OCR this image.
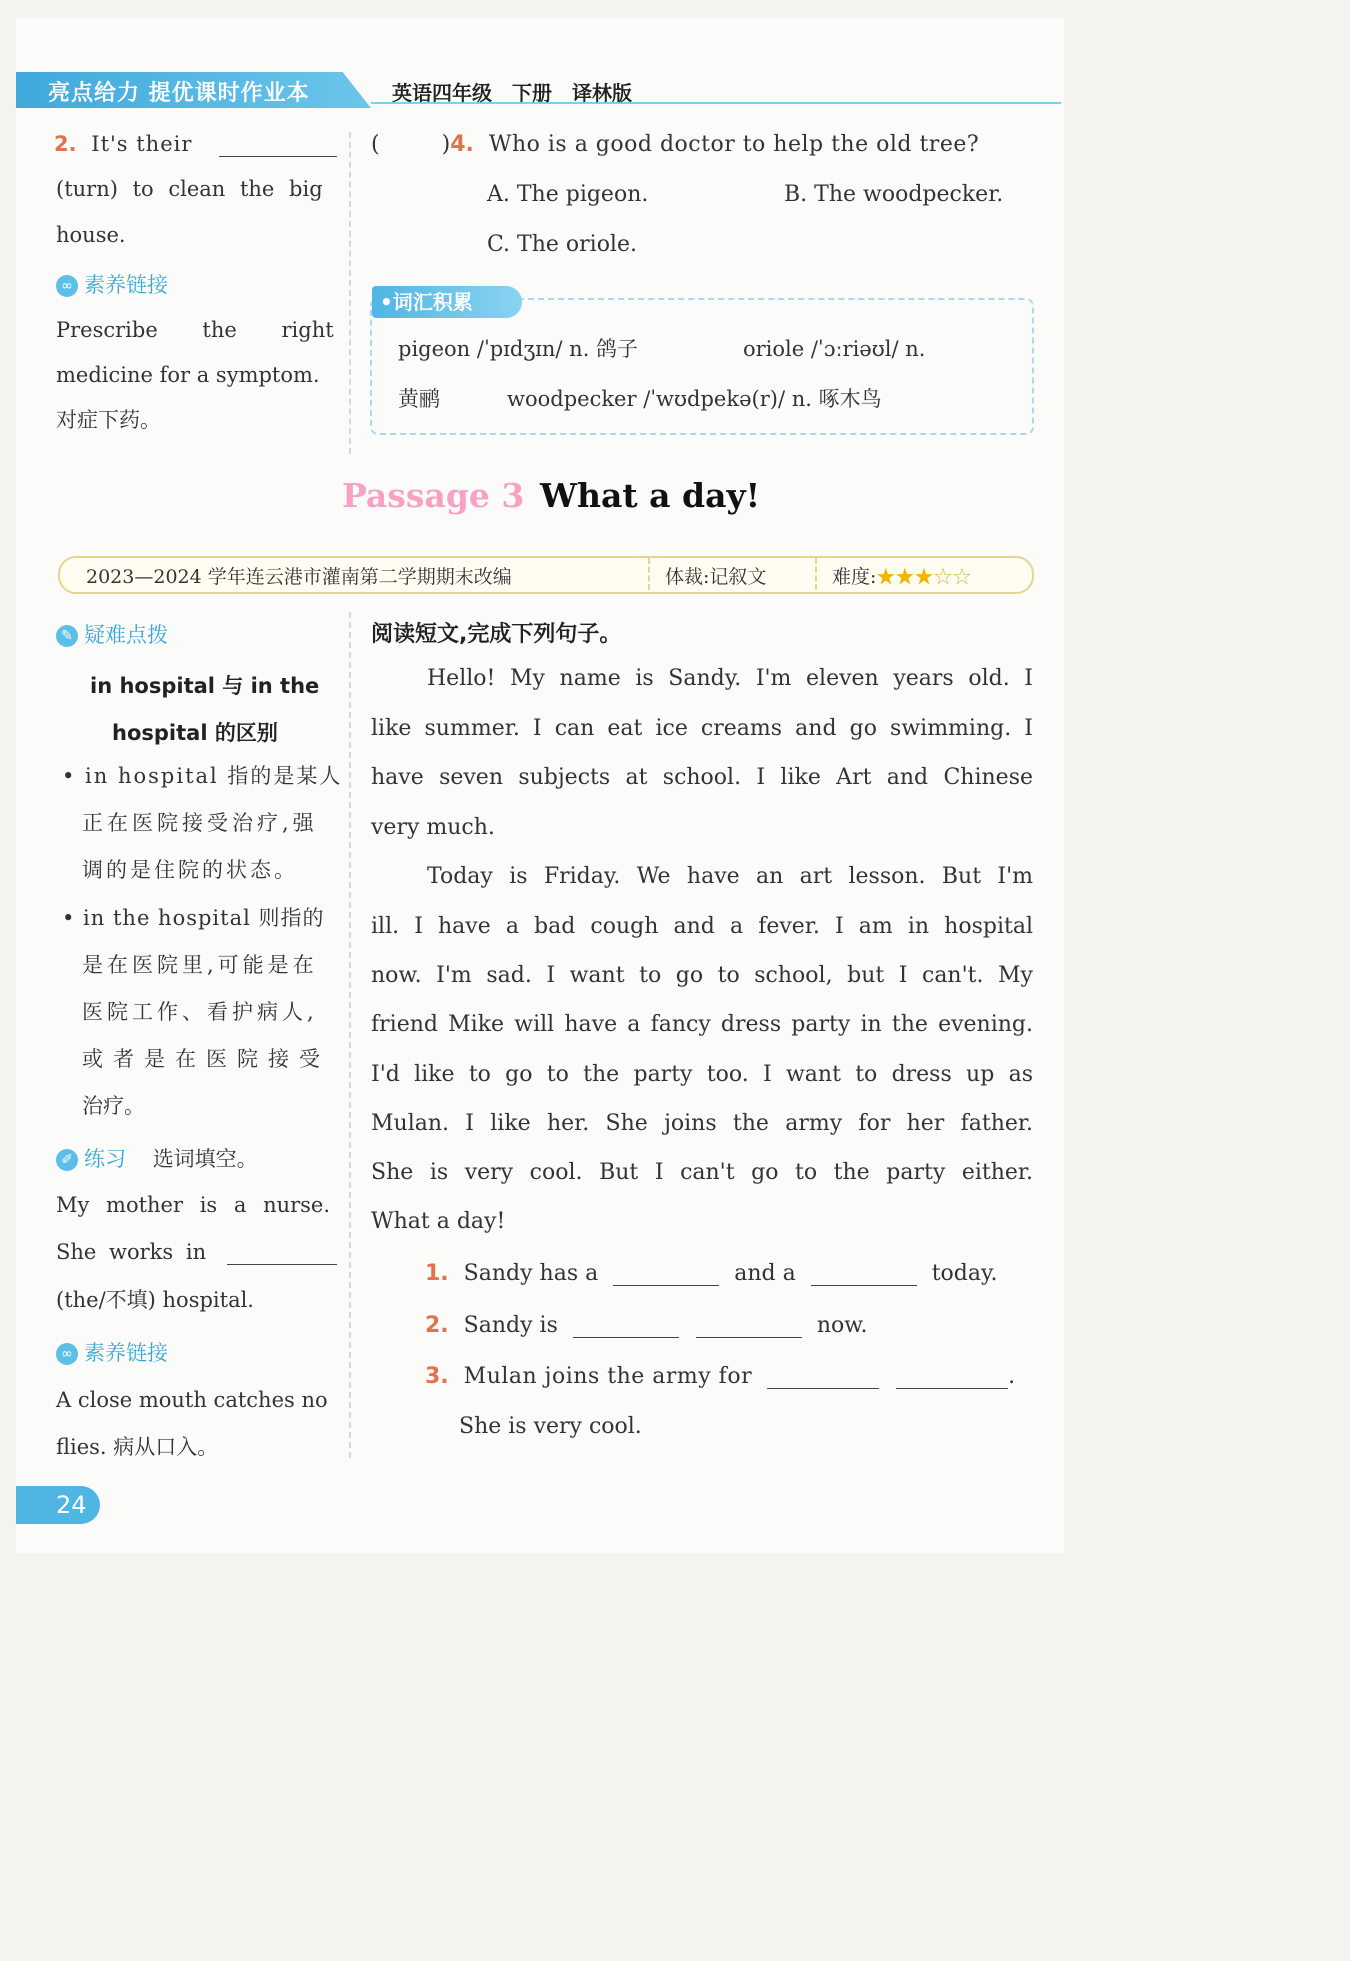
亮点给力 提优课时作业本	英语四年级 下册 译林版
2. It's their
(turn) to clean the big
house.
∞ 素养链接
Prescribe the right
medicine for a symptom.
对症下药。
(	)4. Who is a good doctor to help the old tree?
A. The pigeon.	B. The woodpecker.
C. The oriole.
•词汇积累
pigeon /ˈpɪdʒɪn/ n. 鸽子	oriole /ˈɔːriəʊl/ n.
黄鹂	woodpecker /ˈwʊdpekə(r)/ n. 啄木鸟
Passage 3 What a day!
2023—2024 学年连云港市灌南第二学期期末改编	体裁:记叙文	难度:★★★☆☆
✎ 疑难点拨
in hospital 与 in the
hospital 的区别
• in hospital 指的是某人
正在医院接受治疗,强
调的是住院的状态。
• in the hospital 则指的
是在医院里,可能是在
医院工作、看护病人,
或者是在医院接受
治疗。
✐ 练习 选词填空。
My mother is a nurse.
She works in
(the/不填) hospital.
∞ 素养链接
A close mouth catches no
flies. 病从口入。
24
阅读短文,完成下列句子。
Hello! My name is Sandy. I'm eleven years old. I
like summer. I can eat ice creams and go swimming. I
have seven subjects at school. I like Art and Chinese
very much.
Today is Friday. We have an art lesson. But I'm
ill. I have a bad cough and a fever. I am in hospital
now. I'm sad. I want to go to school, but I can't. My
friend Mike will have a fancy dress party in the evening.
I'd like to go to the party too. I want to dress up as
Mulan. I like her. She joins the army for her father.
She is very cool. But I can't go to the party either.
What a day!
1. Sandy has a	and a	today.
2. Sandy is	now.
3. Mulan joins the army for	.
She is very cool.
